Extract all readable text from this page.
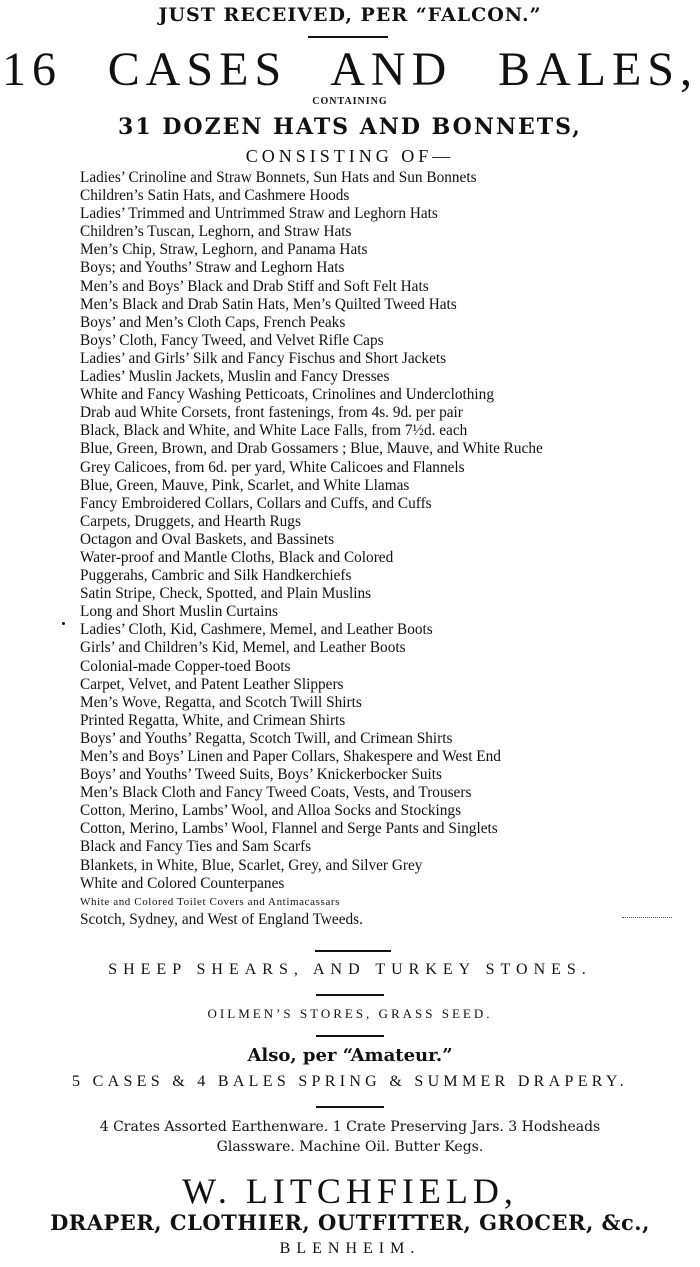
JUST RECEIVED, PER “FALCON.”
16 CASES AND BALES,
CONTAINING
31 DOZEN HATS AND BONNETS,
CONSISTING OF—
Ladies’ Crinoline and Straw Bonnets, Sun Hats and Sun Bonnets
Children’s Satin Hats, and Cashmere Hoods
Ladies’ Trimmed and Untrimmed Straw and Leghorn Hats
Children’s Tuscan, Leghorn, and Straw Hats
Men’s Chip, Straw, Leghorn, and Panama Hats
Boys; and Youths’ Straw and Leghorn Hats
Men’s and Boys’ Black and Drab Stiff and Soft Felt Hats
Men’s Black and Drab Satin Hats, Men’s Quilted Tweed Hats
Boys’ and Men’s Cloth Caps, French Peaks
Boys’ Cloth, Fancy Tweed, and Velvet Rifle Caps
Ladies’ and Girls’ Silk and Fancy Fischus and Short Jackets
Ladies’ Muslin Jackets, Muslin and Fancy Dresses
White and Fancy Washing Petticoats, Crinolines and Underclothing
Drab aud White Corsets, front fastenings, from 4s. 9d. per pair
Black, Black and White, and White Lace Falls, from 7½d. each
Blue, Green, Brown, and Drab Gossamers ; Blue, Mauve, and White Ruche
Grey Calicoes, from 6d. per yard, White Calicoes and Flannels
Blue, Green, Mauve, Pink, Scarlet, and White Llamas
Fancy Embroidered Collars, Collars and Cuffs, and Cuffs
Carpets, Druggets, and Hearth Rugs
Octagon and Oval Baskets, and Bassinets
Water-proof and Mantle Cloths, Black and Colored
Puggerahs, Cambric and Silk Handkerchiefs
Satin Stripe, Check, Spotted, and Plain Muslins
Long and Short Muslin Curtains
Ladies’ Cloth, Kid, Cashmere, Memel, and Leather Boots
Girls’ and Children’s Kid, Memel, and Leather Boots
Colonial-made Copper-toed Boots
Carpet, Velvet, and Patent Leather Slippers
Men’s Wove, Regatta, and Scotch Twill Shirts
Printed Regatta, White, and Crimean Shirts
Boys’ and Youths’ Regatta, Scotch Twill, and Crimean Shirts
Men’s and Boys’ Linen and Paper Collars, Shakespere and West End
Boys’ and Youths’ Tweed Suits, Boys’ Knickerbocker Suits
Men’s Black Cloth and Fancy Tweed Coats, Vests, and Trousers
Cotton, Merino, Lambs’ Wool, and Alloa Socks and Stockings
Cotton, Merino, Lambs’ Wool, Flannel and Serge Pants and Singlets
Black and Fancy Ties and Sam Scarfs
Blankets, in White, Blue, Scarlet, Grey, and Silver Grey
White and Colored Counterpanes
White and Colored Toilet Covers and Antimacassars
Scotch, Sydney, and West of England Tweeds.
SHEEP SHEARS, AND TURKEY STONES.
OILMEN’S STORES, GRASS SEED.
Also, per “Amateur.”
5 CASES & 4 BALES SPRING & SUMMER DRAPERY.
4 Crates Assorted Earthenware. 1 Crate Preserving Jars. 3 Hodsheads
Glassware. Machine Oil. Butter Kegs.
W. LITCHFIELD,
DRAPER, CLOTHIER, OUTFITTER, GROCER, &c.,
BLENHEIM.
